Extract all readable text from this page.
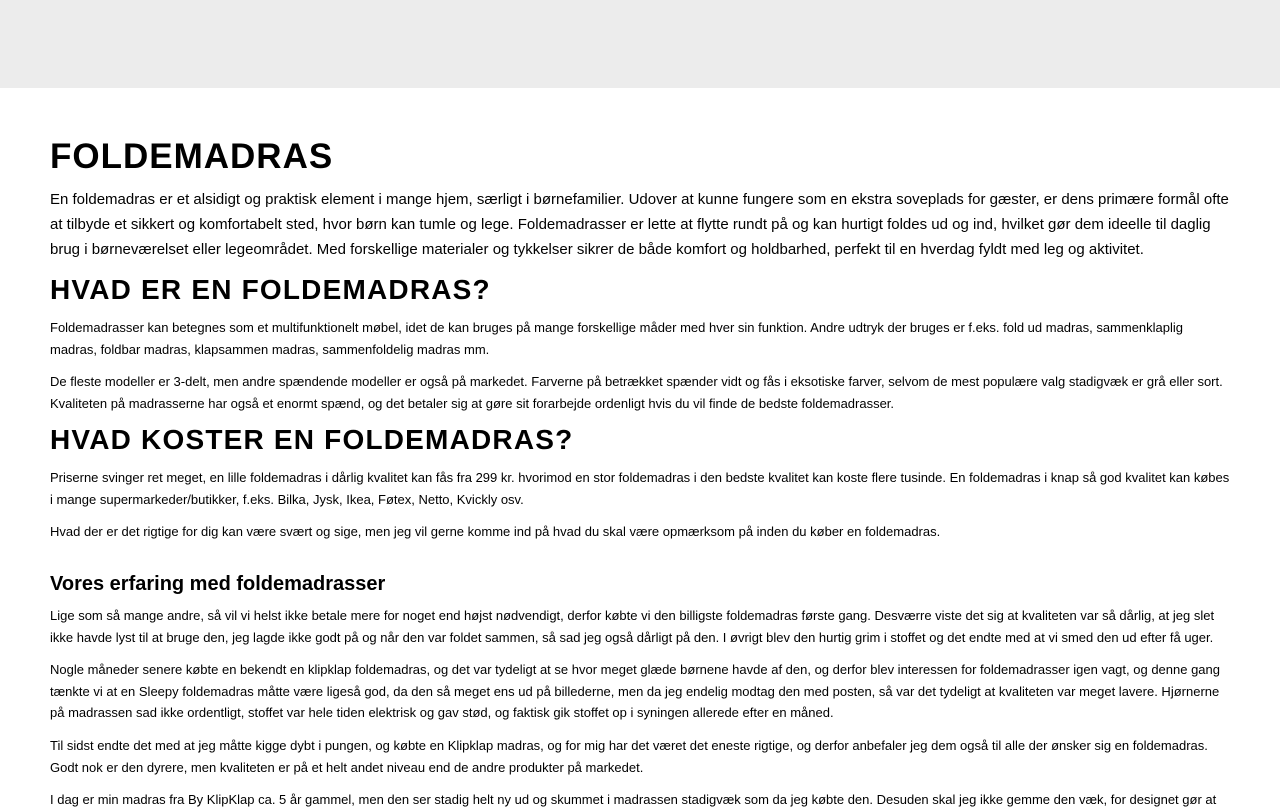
FOLDEMADRAS

En foldemadras er et alsidigt og praktisk element i mange hjem, særligt i børnefamilier. Udover at kunne fungere som en ekstra soveplads for gæster, er dens primære formål ofte at tilbyde et sikkert og komfortabelt sted, hvor børn kan tumle og lege. Foldemadrasser er lette at flytte rundt på og kan hurtigt foldes ud og ind, hvilket gør dem ideelle til daglig brug i børneværelset eller legeområdet. Med forskellige materialer og tykkelser sikrer de både komfort og holdbarhed, perfekt til en hverdag fyldt med leg og aktivitet.

HVAD ER EN FOLDEMADRAS?

Foldemadrasser kan betegnes som et multifunktionelt møbel, idet de kan bruges på mange forskellige måder med hver sin funktion. Andre udtryk der bruges er f.eks. fold ud madras, sammenklaplig madras, foldbar madras, klapsammen madras, sammenfoldelig madras mm.

De fleste modeller er 3-delt, men andre spændende modeller er også på markedet. Farverne på betrækket spænder vidt og fås i eksotiske farver, selvom de mest populære valg stadigvæk er grå eller sort. Kvaliteten på madrasserne har også et enormt spænd, og det betaler sig at gøre sit forarbejde ordenligt hvis du vil finde de bedste foldemadrasser.

HVAD KOSTER EN FOLDEMADRAS?

Priserne svinger ret meget, en lille foldemadras i dårlig kvalitet kan fås fra 299 kr. hvorimod en stor foldemadras i den bedste kvalitet kan koste flere tusinde. En foldemadras i knap så god kvalitet kan købes i mange supermarkeder/butikker, f.eks. Bilka, Jysk, Ikea, Føtex, Netto, Kvickly osv.

Hvad der er det rigtige for dig kan være svært og sige, men jeg vil gerne komme ind på hvad du skal være opmærksom på inden du køber en foldemadras.

Vores erfaring med foldemadrasser

Lige som så mange andre, så vil vi helst ikke betale mere for noget end højst nødvendigt, derfor købte vi den billigste foldemadras første gang. Desværre viste det sig at kvaliteten var så dårlig, at jeg slet ikke havde lyst til at bruge den, jeg lagde ikke godt på og når den var foldet sammen, så sad jeg også dårligt på den. I øvrigt blev den hurtig grim i stoffet og det endte med at vi smed den ud efter få uger.

Nogle måneder senere købte en bekendt en klipklap foldemadras, og det var tydeligt at se hvor meget glæde børnene havde af den, og derfor blev interessen for foldemadrasser igen vagt, og denne gang tænkte vi at en Sleepy foldemadras måtte være ligeså god, da den så meget ens ud på billederne, men da jeg endelig modtag den med posten, så var det tydeligt at kvaliteten var meget lavere. Hjørnerne på madrassen sad ikke ordentligt, stoffet var hele tiden elektrisk og gav stød, og faktisk gik stoffet op i syningen allerede efter en måned.

Til sidst endte det med at jeg måtte kigge dybt i pungen, og købte en Klipklap madras, og for mig har det været det eneste rigtige, og derfor anbefaler jeg dem også til alle der ønsker sig en foldemadras. Godt nok er den dyrere, men kvaliteten er på et helt andet niveau end de andre produkter på markedet.

I dag er min madras fra By KlipKlap ca. 5 år gammel, men den ser stadig helt ny ud og skummet i madrassen stadigvæk som da jeg købte den. Desuden skal jeg ikke gemme den væk, for designet gør at
